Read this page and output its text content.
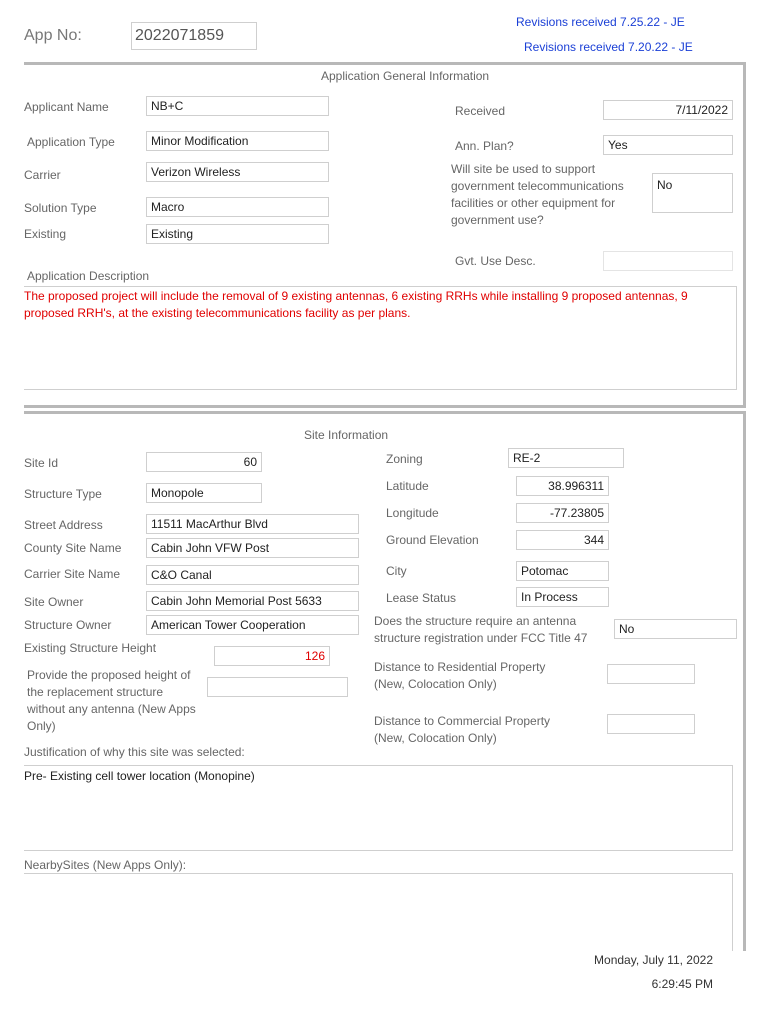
App No:	2022071859
Revisions received 7.25.22 - JE
Revisions received 7.20.22 - JE
Application General Information
Applicant Name	NB+C
Application Type	Minor Modification
Carrier	Verizon Wireless
Solution Type	Macro
Existing	Existing
Received	7/11/2022
Ann. Plan?	Yes
Will site be used to support government telecommunications facilities or other equipment for government use?
No
Gvt. Use Desc.
Application Description
The proposed project will include the removal of 9 existing antennas, 6 existing RRHs while installing 9 proposed antennas, 9 proposed RRH's, at the existing telecommunications facility as per plans.
Site Information
Site Id	60
Structure Type	Monopole
Street Address	11511 MacArthur Blvd
County Site Name	Cabin John VFW Post
Carrier Site Name	C&O Canal
Site Owner	Cabin John Memorial Post 5633
Structure Owner	American Tower Cooperation
Existing Structure Height
126
Provide the proposed height of the replacement structure without any antenna (New Apps Only)
Justification of why this site was selected:
Pre- Existing cell tower location (Monopine)
NearbySites (New Apps Only):
Zoning	RE-2
Latitude	38.996311
Longitude	-77.23805
Ground Elevation	344
City	Potomac
Lease Status	In Process
Does the structure require an antenna structure registration under FCC Title 47
No
Distance to Residential Property (New, Colocation Only)
Distance to Commercial Property (New, Colocation Only)
Monday, July 11, 2022
6:29:45 PM
